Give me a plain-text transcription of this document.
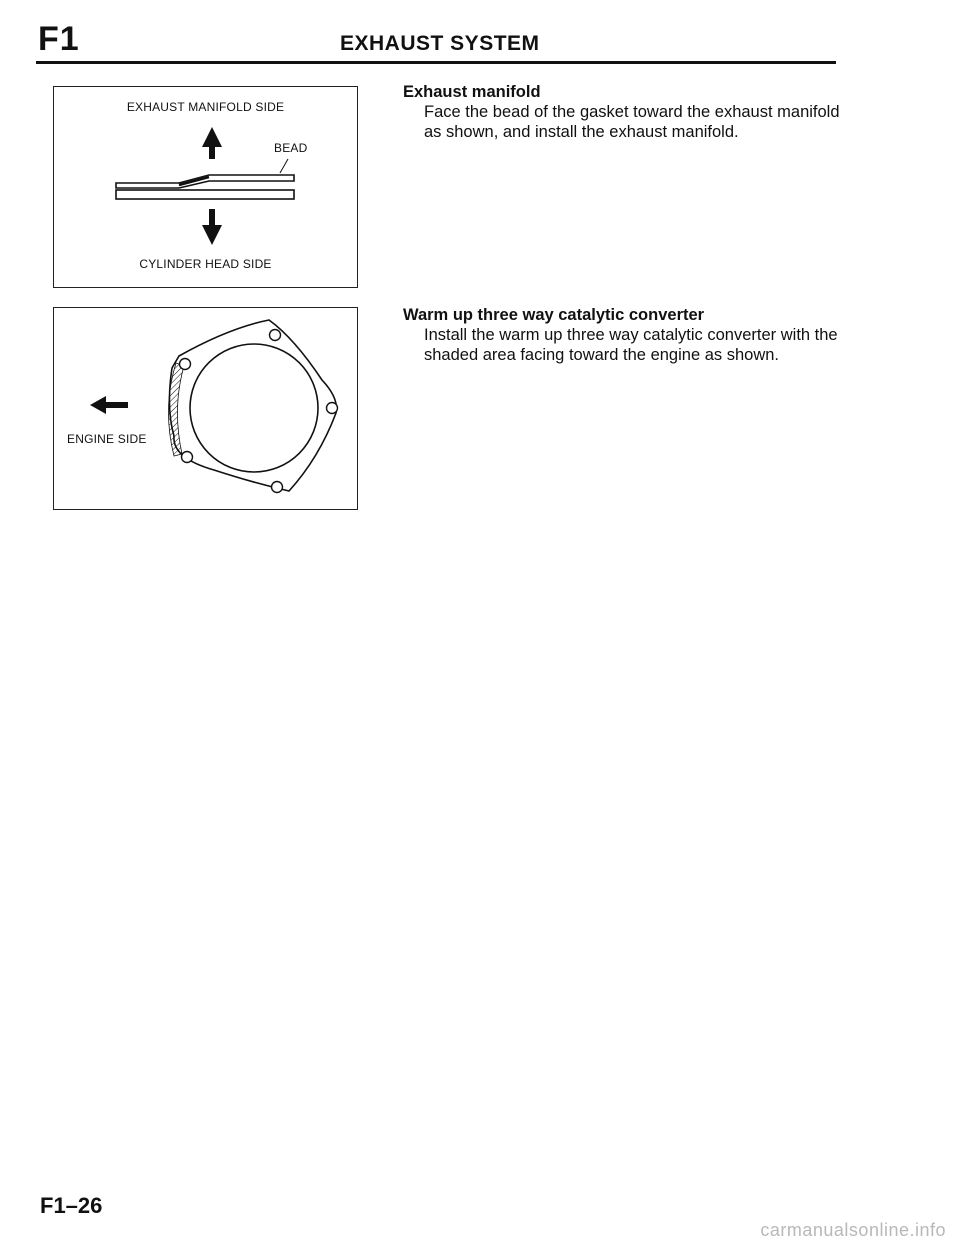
F1	EXHAUST SYSTEM
EXHAUST MANIFOLD SIDE
BEAD
CYLINDER HEAD SIDE
ENGINE SIDE
Exhaust manifold
Face the bead of the gasket toward the exhaust manifold as shown, and install the exhaust manifold.
Warm up three way catalytic converter
Install the warm up three way catalytic converter with the shaded area facing toward the engine as shown.
F1–26
carmanualsonline.info
